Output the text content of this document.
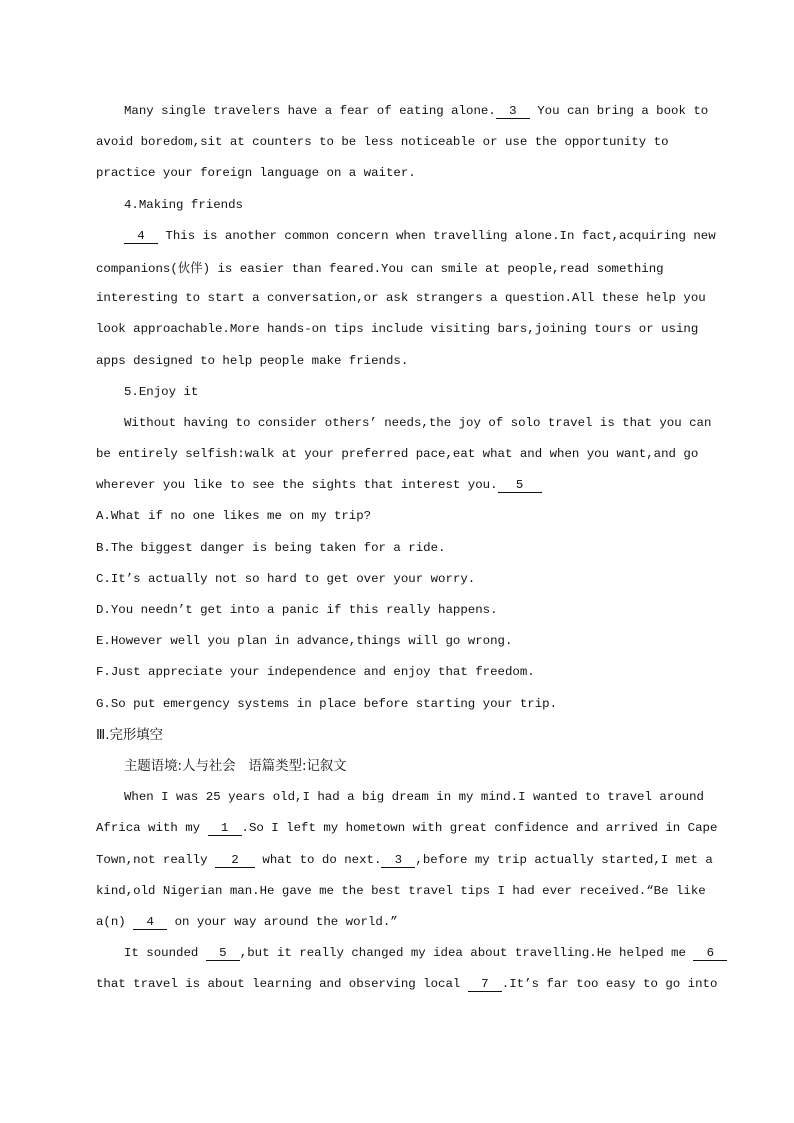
Many single travelers have a fear of eating alone. 3 You can bring a book to
avoid boredom,sit at counters to be less noticeable or use the opportunity to
practice your foreign language on a waiter.
4.Making friends
4 This is another common concern when travelling alone.In fact,acquiring new
companions(伙伴) is easier than feared.You can smile at people,read something
interesting to start a conversation,or ask strangers a question.All these help you
look approachable.More hands-on tips include visiting bars,joining tours or using
apps designed to help people make friends.
5.Enjoy it
Without having to consider others’ needs,the joy of solo travel is that you can
be entirely selfish:walk at your preferred pace,eat what and when you want,and go
wherever you like to see the sights that interest you. 5
A.What if no one likes me on my trip?
B.The biggest danger is being taken for a ride.
C.It’s actually not so hard to get over your worry.
D.You needn’t get into a panic if this really happens.
E.However well you plan in advance,things will go wrong.
F.Just appreciate your independence and enjoy that freedom.
G.So put emergency systems in place before starting your trip.
Ⅲ.完形填空
主题语境:人与社会   语篇类型:记叙文
When I was 25 years old,I had a big dream in my mind.I wanted to travel around
Africa with my 1 .So I left my hometown with great confidence and arrived in Cape
Town,not really 2 what to do next. 3 ,before my trip actually started,I met a
kind,old Nigerian man.He gave me the best travel tips I had ever received.“Be like
a(n) 4 on your way around the world.”
It sounded 5 ,but it really changed my idea about travelling.He helped me 6
that travel is about learning and observing local 7 .It’s far too easy to go into
